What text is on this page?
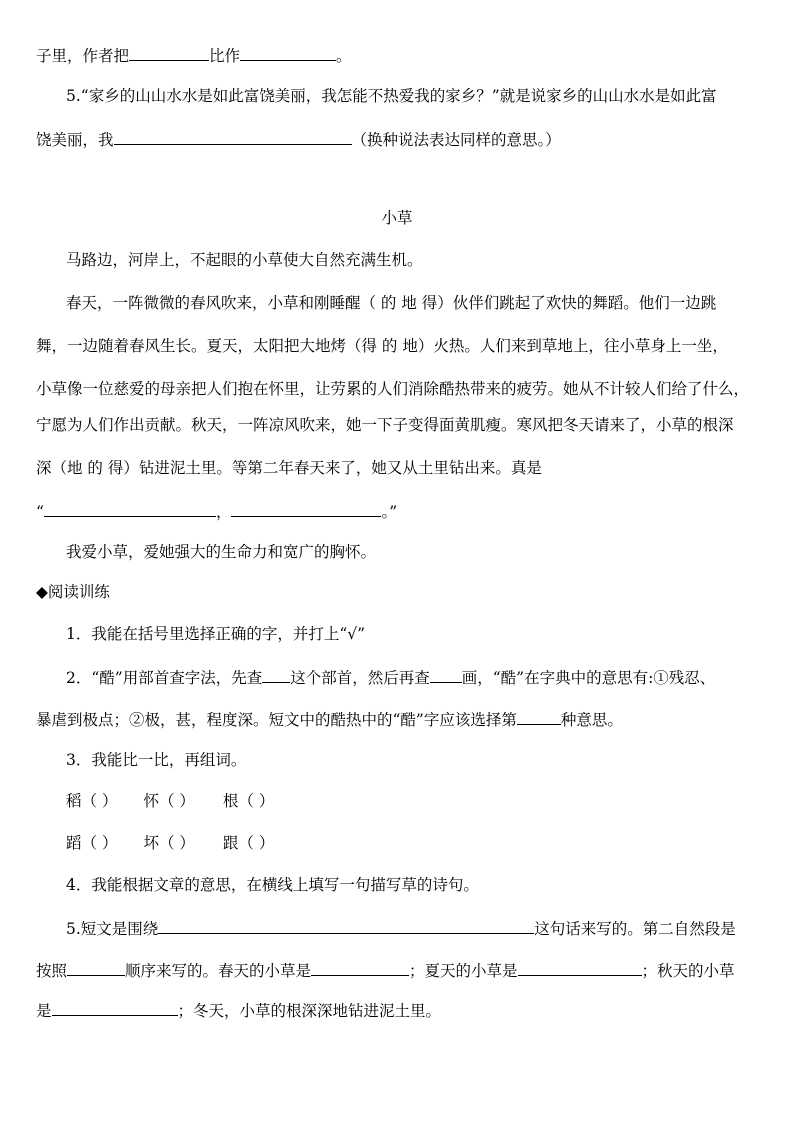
子里，作者把	比作	。
5.“家乡的山山水水是如此富饶美丽，我怎能不热爱我的家乡？”就是说家乡的山山水水是如此富
饶美丽，我	（换种说法表达同样的意思。）
小草
马路边，河岸上，不起眼的小草使大自然充满生机。
春天，一阵微微的春风吹来，小草和刚睡醒（ 的 地 得）伙伴们跳起了欢快的舞蹈。他们一边跳
舞，一边随着春风生长。夏天，太阳把大地烤（得 的 地）火热。人们来到草地上，往小草身上一坐，
小草像一位慈爱的母亲把人们抱在怀里，让劳累的人们消除酷热带来的疲劳。她从不计较人们给了什么，
宁愿为人们作出贡献。秋天，一阵凉风吹来，她一下子变得面黄肌瘦。寒风把冬天请来了，小草的根深
深（地 的 得）钻进泥土里。等第二年春天来了，她又从土里钻出来。真是
“	，	。”
我爱小草，爱她强大的生命力和宽广的胸怀。
◆阅读训练
1．我能在括号里选择正确的字，并打上“√”
2．“酷”用部首查字法，先查 这个部首，然后再查 画，“酷”在字典中的意思有:①残忍、
暴虐到极点；②极，甚，程度深。短文中的酷热中的“酷”字应该选择第	种意思。
3．我能比一比，再组词。
稻（ ） 怀（ ） 根（ ）
蹈（ ） 坏（ ） 跟（ ）
4．我能根据文章的意思，在横线上填写一句描写草的诗句。
5.短文是围绕	这句话来写的。第二自然段是
按照	顺序来写的。春天的小草是	；夏天的小草是	；秋天的小草
是	；冬天，小草的根深深地钻进泥土里。
